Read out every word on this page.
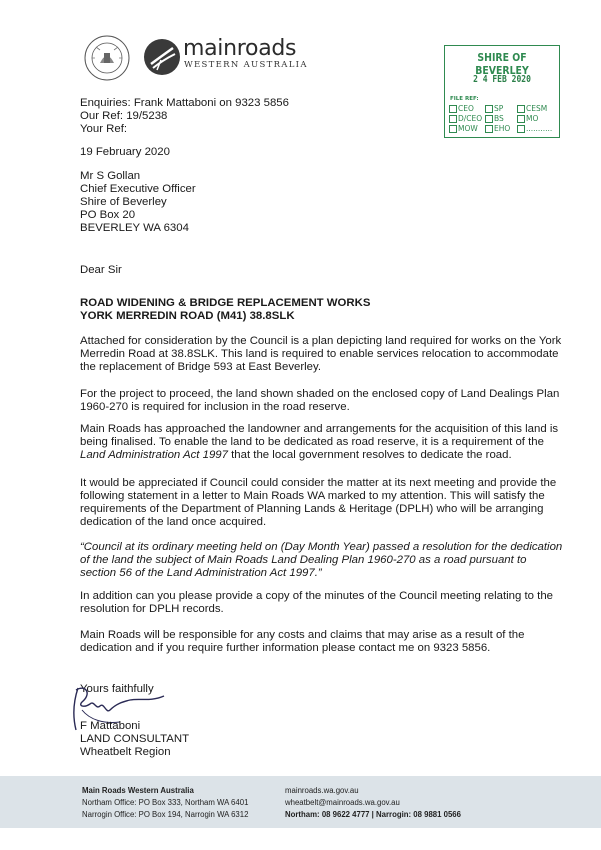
mainroads
WESTERN AUSTRALIA
SHIRE OF BEVERLEY
2 4 FEB 2020
FILE REF:
CEO	SP	CESM
D/CEO BS	MO
MOW EHO ...........
Enquiries: Frank Mattaboni on 9323 5856
Our Ref: 19/5238
Your Ref:
19 February 2020
Mr S Gollan
Chief Executive Officer
Shire of Beverley
PO Box 20
BEVERLEY WA 6304
Dear Sir
ROAD WIDENING & BRIDGE REPLACEMENT WORKS
YORK MERREDIN ROAD (M41) 38.8SLK
Attached for consideration by the Council is a plan depicting land required for works on the York
Merredin Road at 38.8SLK. This land is required to enable services relocation to accommodate
the replacement of Bridge 593 at East Beverley.
For the project to proceed, the land shown shaded on the enclosed copy of Land Dealings Plan
1960-270 is required for inclusion in the road reserve.
Main Roads has approached the landowner and arrangements for the acquisition of this land is
being finalised. To enable the land to be dedicated as road reserve, it is a requirement of the
Land Administration Act 1997 that the local government resolves to dedicate the road.
It would be appreciated if Council could consider the matter at its next meeting and provide the
following statement in a letter to Main Roads WA marked to my attention. This will satisfy the
requirements of the Department of Planning Lands & Heritage (DPLH) who will be arranging
dedication of the land once acquired.
“Council at its ordinary meeting held on (Day Month Year) passed a resolution for the dedication
of the land the subject of Main Roads Land Dealing Plan 1960-270 as a road pursuant to
section 56 of the Land Administration Act 1997.”
In addition can you please provide a copy of the minutes of the Council meeting relating to the
resolution for DPLH records.
Main Roads will be responsible for any costs and claims that may arise as a result of the
dedication and if you require further information please contact me on 9323 5856.
Yours faithfully
F Mattaboni
LAND CONSULTANT
Wheatbelt Region
Main Roads Western Australia
Northam Office: PO Box 333, Northam WA 6401
Narrogin Office: PO Box 194, Narrogin WA 6312
mainroads.wa.gov.au
wheatbelt@mainroads.wa.gov.au
Northam: 08 9622 4777 | Narrogin: 08 9881 0566
